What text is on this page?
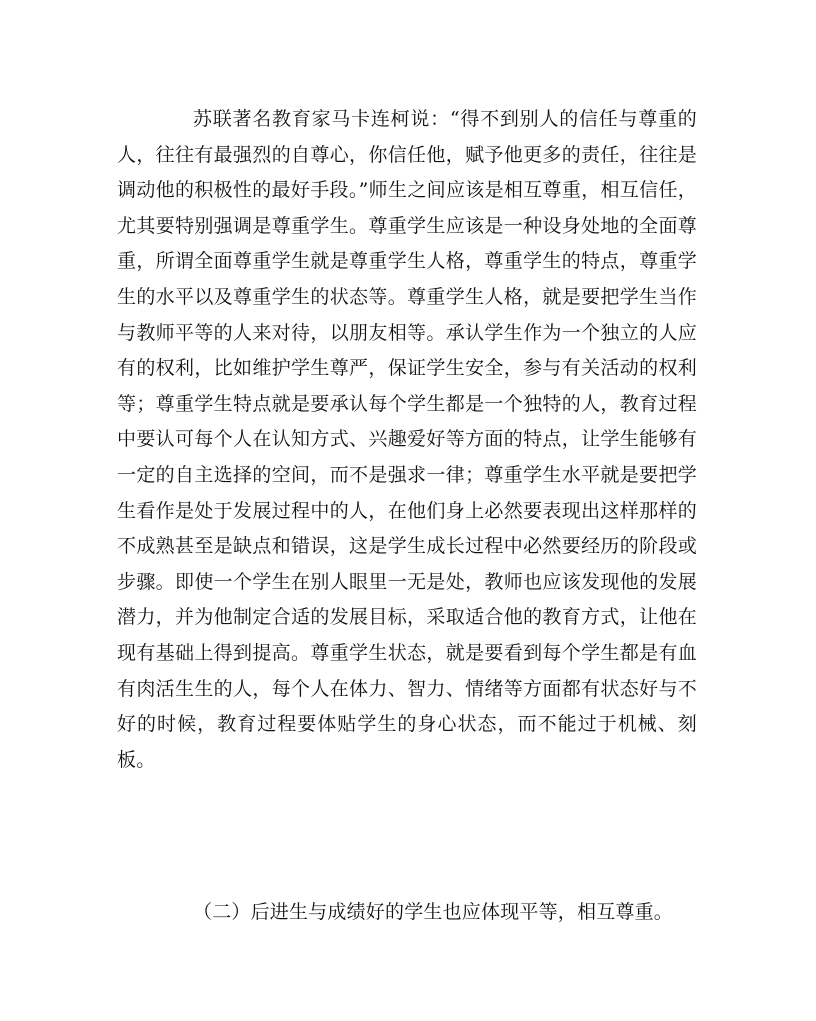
苏联著名教育家马卡连柯说：“得不到别人的信任与尊重的人，往往有最强烈的自尊心，你信任他，赋予他更多的责任，往往是调动他的积极性的最好手段。”师生之间应该是相互尊重，相互信任，尤其要特别强调是尊重学生。尊重学生应该是一种设身处地的全面尊重，所谓全面尊重学生就是尊重学生人格，尊重学生的特点，尊重学生的水平以及尊重学生的状态等。尊重学生人格，就是要把学生当作与教师平等的人来对待，以朋友相等。承认学生作为一个独立的人应有的权利，比如维护学生尊严，保证学生安全，参与有关活动的权利等；尊重学生特点就是要承认每个学生都是一个独特的人，教育过程中要认可每个人在认知方式、兴趣爱好等方面的特点，让学生能够有一定的自主选择的空间，而不是强求一律；尊重学生水平就是要把学生看作是处于发展过程中的人，在他们身上必然要表现出这样那样的不成熟甚至是缺点和错误，这是学生成长过程中必然要经历的阶段或步骤。即使一个学生在别人眼里一无是处，教师也应该发现他的发展潜力，并为他制定合适的发展目标，采取适合他的教育方式，让他在现有基础上得到提高。尊重学生状态，就是要看到每个学生都是有血有肉活生生的人，每个人在体力、智力、情绪等方面都有状态好与不好的时候，教育过程要体贴学生的身心状态，而不能过于机械、刻板。

（二）后进生与成绩好的学生也应体现平等，相互尊重。
